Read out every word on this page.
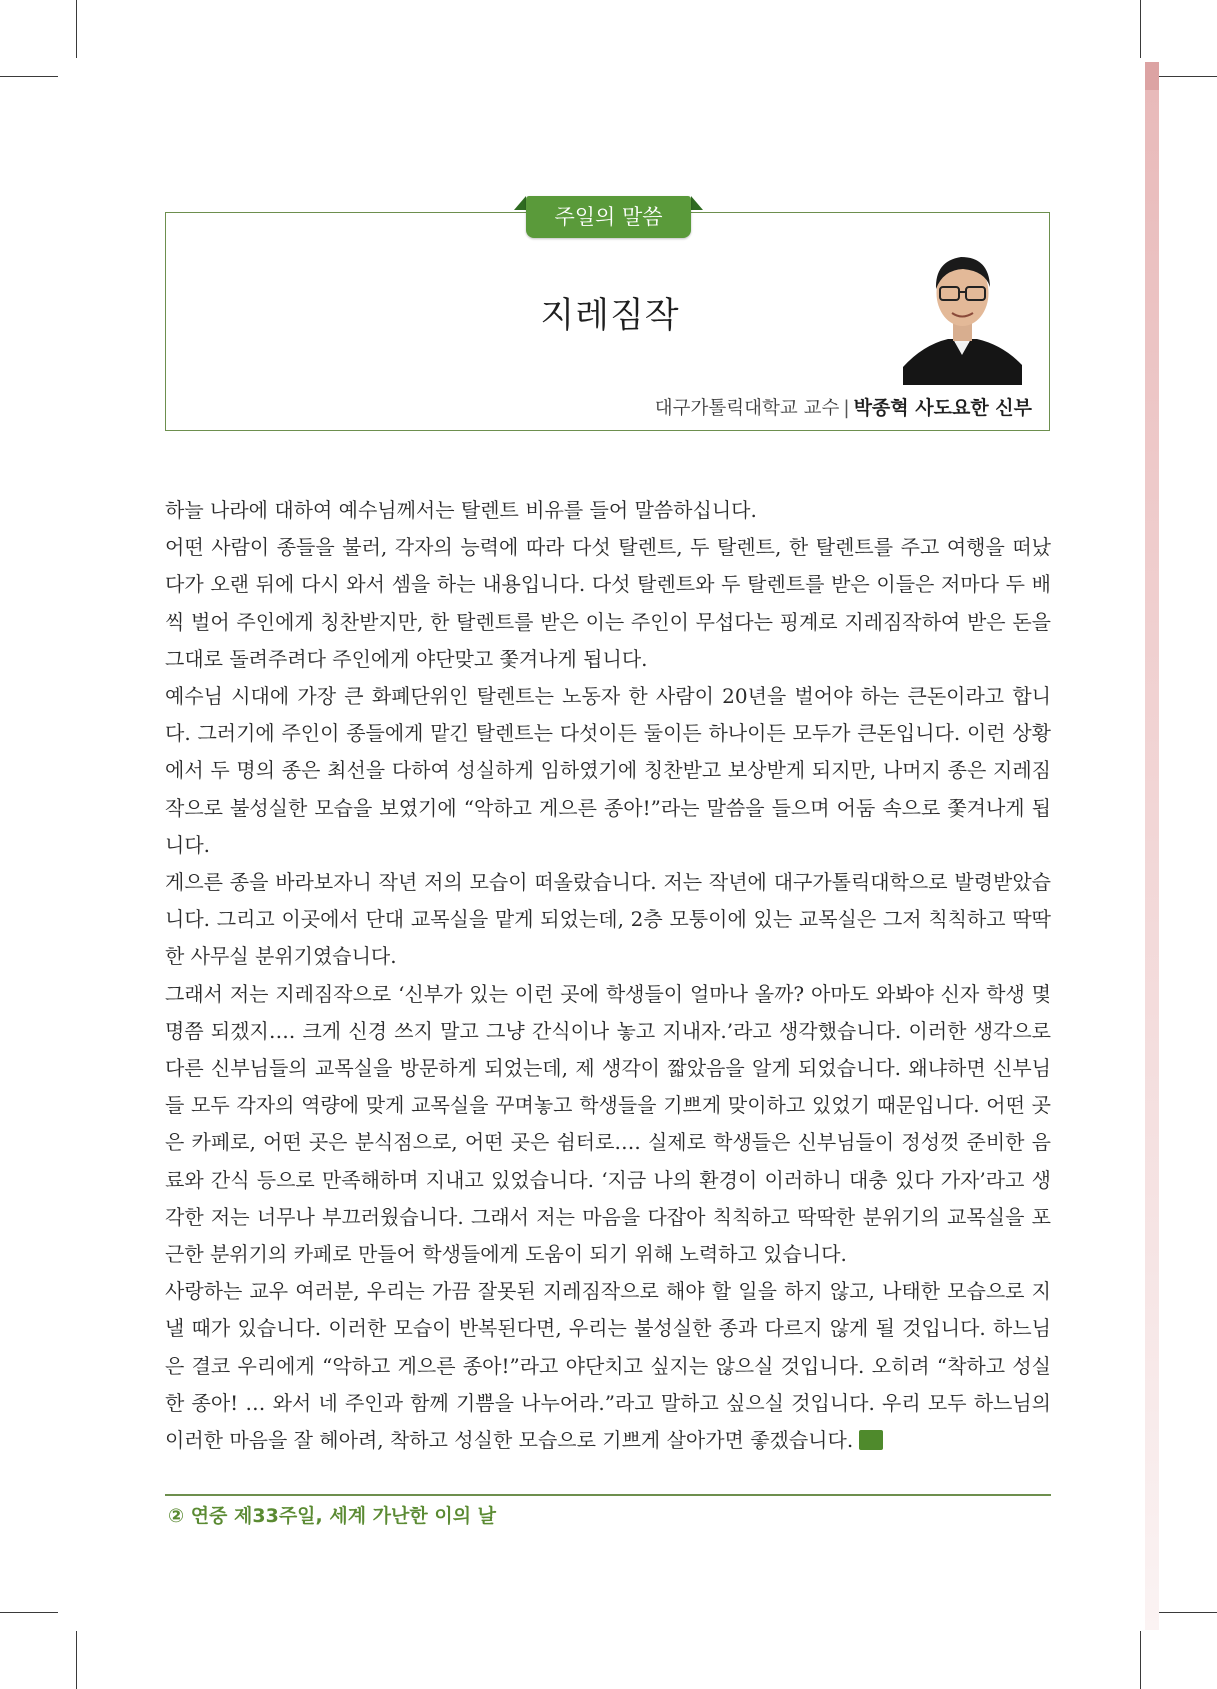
주일의 말씀
지레짐작
대구가톨릭대학교 교수 | 박종혁 사도요한 신부

하늘 나라에 대하여 예수님께서는 탈렌트 비유를 들어 말씀하십니다.

어떤 사람이 종들을 불러, 각자의 능력에 따라 다섯 탈렌트, 두 탈렌트, 한 탈렌트를 주고 여행을 떠났다가 오랜 뒤에 다시 와서 셈을 하는 내용입니다. 다섯 탈렌트와 두 탈렌트를 받은 이들은 저마다 두 배씩 벌어 주인에게 칭찬받지만, 한 탈렌트를 받은 이는 주인이 무섭다는 핑계로 지레짐작하여 받은 돈을 그대로 돌려주려다 주인에게 야단맞고 쫓겨나게 됩니다.

예수님 시대에 가장 큰 화폐단위인 탈렌트는 노동자 한 사람이 20년을 벌어야 하는 큰돈이라고 합니다. 그러기에 주인이 종들에게 맡긴 탈렌트는 다섯이든 둘이든 하나이든 모두가 큰돈입니다. 이런 상황에서 두 명의 종은 최선을 다하여 성실하게 임하였기에 칭찬받고 보상받게 되지만, 나머지 종은 지레짐작으로 불성실한 모습을 보였기에 “악하고 게으른 종아!”라는 말씀을 들으며 어둠 속으로 쫓겨나게 됩니다.

게으른 종을 바라보자니 작년 저의 모습이 떠올랐습니다. 저는 작년에 대구가톨릭대학으로 발령받았습니다. 그리고 이곳에서 단대 교목실을 맡게 되었는데, 2층 모퉁이에 있는 교목실은 그저 칙칙하고 딱딱한 사무실 분위기였습니다.

그래서 저는 지레짐작으로 ‘신부가 있는 이런 곳에 학생들이 얼마나 올까? 아마도 와봐야 신자 학생 몇 명쯤 되겠지…. 크게 신경 쓰지 말고 그냥 간식이나 놓고 지내자.’라고 생각했습니다. 이러한 생각으로 다른 신부님들의 교목실을 방문하게 되었는데, 제 생각이 짧았음을 알게 되었습니다. 왜냐하면 신부님들 모두 각자의 역량에 맞게 교목실을 꾸며놓고 학생들을 기쁘게 맞이하고 있었기 때문입니다. 어떤 곳은 카페로, 어떤 곳은 분식점으로, 어떤 곳은 쉼터로…. 실제로 학생들은 신부님들이 정성껏 준비한 음료와 간식 등으로 만족해하며 지내고 있었습니다. ‘지금 나의 환경이 이러하니 대충 있다 가자’라고 생각한 저는 너무나 부끄러웠습니다. 그래서 저는 마음을 다잡아 칙칙하고 딱딱한 분위기의 교목실을 포근한 분위기의 카페로 만들어 학생들에게 도움이 되기 위해 노력하고 있습니다.

사랑하는 교우 여러분, 우리는 가끔 잘못된 지레짐작으로 해야 할 일을 하지 않고, 나태한 모습으로 지낼 때가 있습니다. 이러한 모습이 반복된다면, 우리는 불성실한 종과 다르지 않게 될 것입니다. 하느님은 결코 우리에게 “악하고 게으른 종아!”라고 야단치고 싶지는 않으실 것입니다. 오히려 “착하고 성실한 종아! … 와서 네 주인과 함께 기쁨을 나누어라.”라고 말하고 싶으실 것입니다. 우리 모두 하느님의 이러한 마음을 잘 헤아려, 착하고 성실한 모습으로 기쁘게 살아가면 좋겠습니다.

② 연중 제33주일, 세계 가난한 이의 날
